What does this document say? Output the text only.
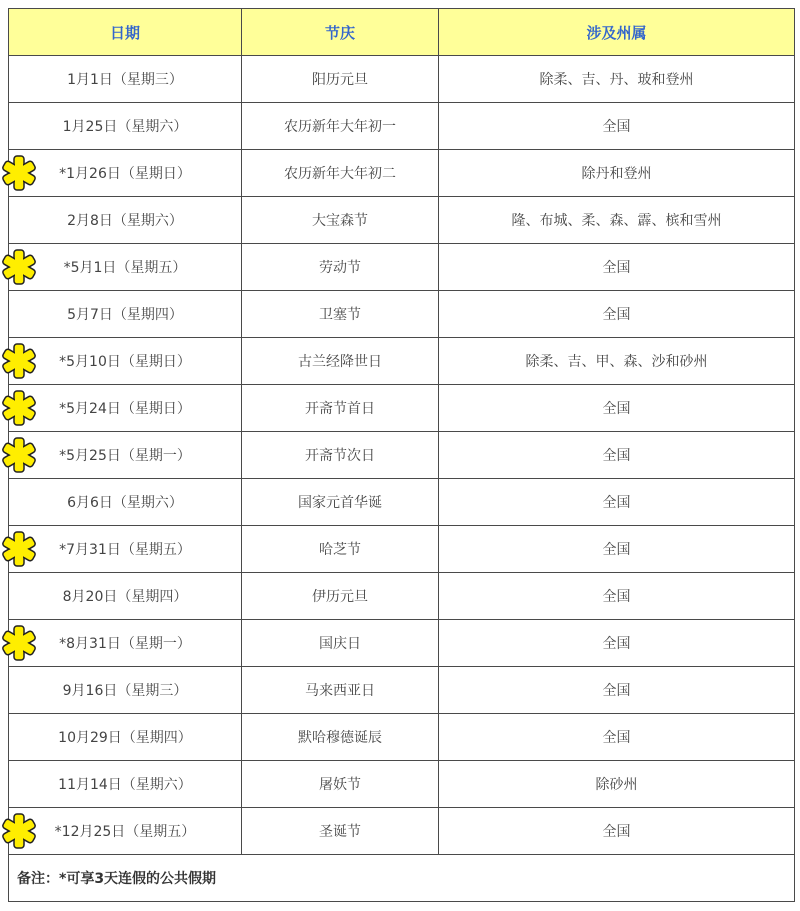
日期	节庆	涉及州属
1月1日（星期三）	阳历元旦	除柔、吉、丹、玻和登州
1月25日（星期六）	农历新年大年初一	全国
*1月26日（星期日）	农历新年大年初二	除丹和登州
2月8日（星期六）	大宝森节	隆、布城、柔、森、霹、槟和雪州
*5月1日（星期五）	劳动节	全国
5月7日（星期四）	卫塞节	全国
*5月10日（星期日）	古兰经降世日	除柔、吉、甲、森、沙和砂州
*5月24日（星期日）	开斋节首日	全国
*5月25日（星期一）	开斋节次日	全国
6月6日（星期六）	国家元首华诞	全国
*7月31日（星期五）	哈芝节	全国
8月20日（星期四）	伊历元旦	全国
*8月31日（星期一）	国庆日	全国
9月16日（星期三）	马来西亚日	全国
10月29日（星期四）	默哈穆德诞辰	全国
11月14日（星期六）	屠妖节	除砂州
*12月25日（星期五）	圣诞节	全国
备注：*可享3天连假的公共假期		
